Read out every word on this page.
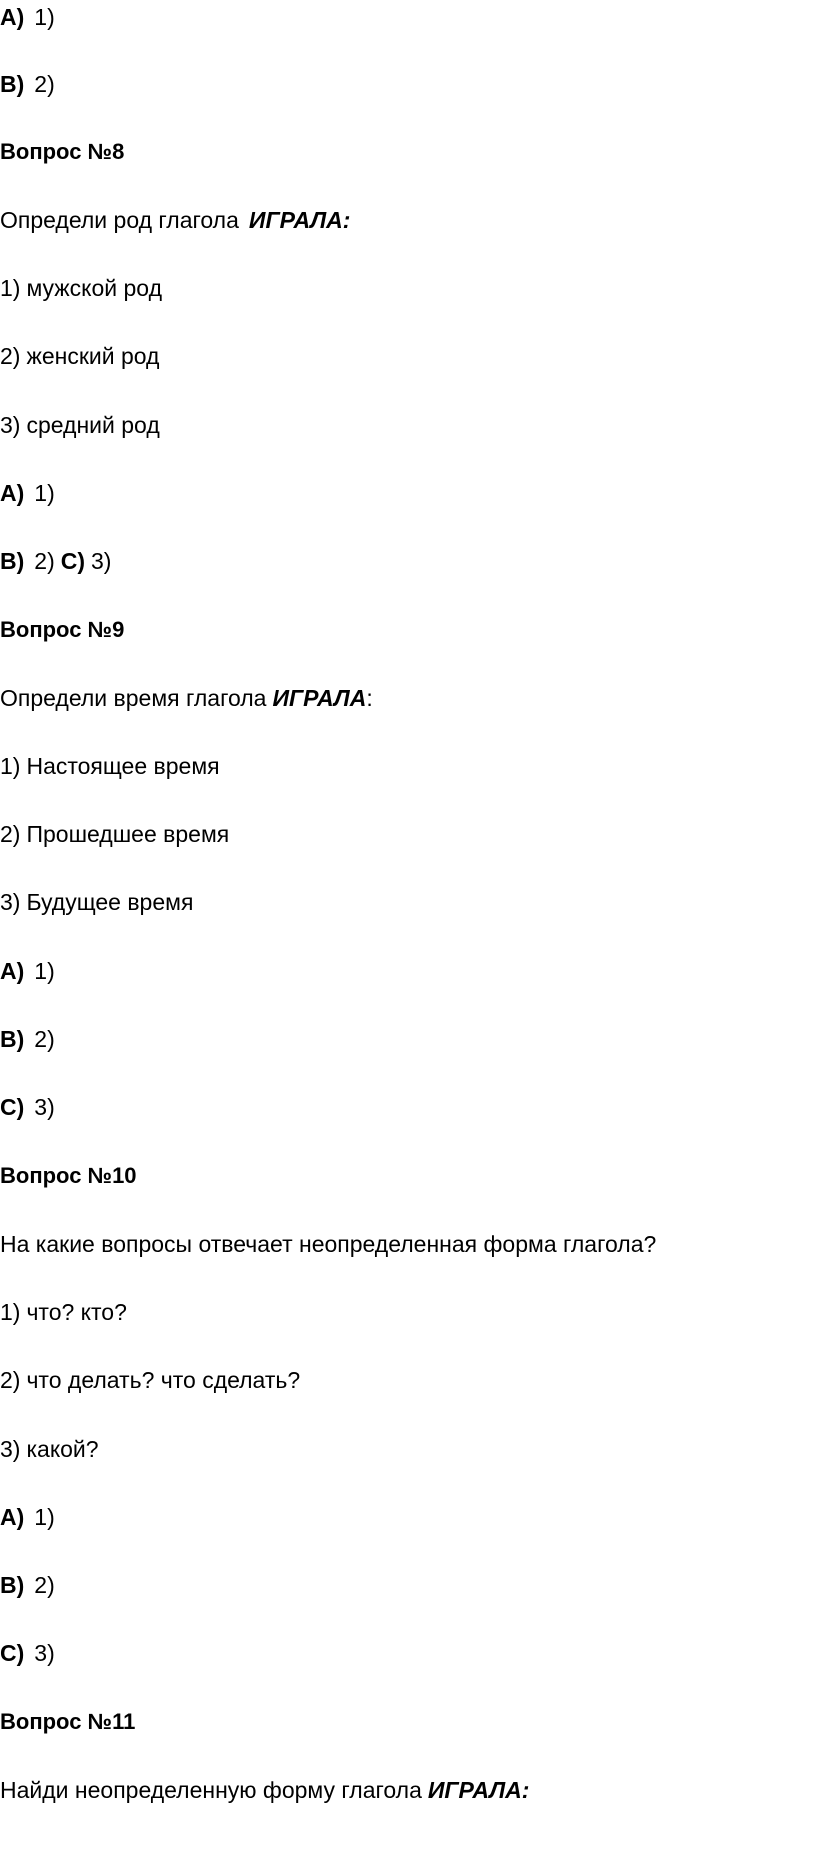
A) 1)
B) 2)
Вопрос №8
Определи род глагола ИГРАЛА:
1) мужской род
2) женский род
3) средний род
A) 1)
B) 2) C) 3)
Вопрос №9
Определи время глагола ИГРАЛА:
1) Настоящее время
2) Прошедшее время
3) Будущее время
A) 1)
B) 2)
C) 3)
Вопрос №10
На какие вопросы отвечает неопределенная форма глагола?
1) что? кто?
2) что делать? что сделать?
3) какой?
A) 1)
B) 2)
C) 3)
Вопрос №11
Найди неопределенную форму глагола ИГРАЛА:
